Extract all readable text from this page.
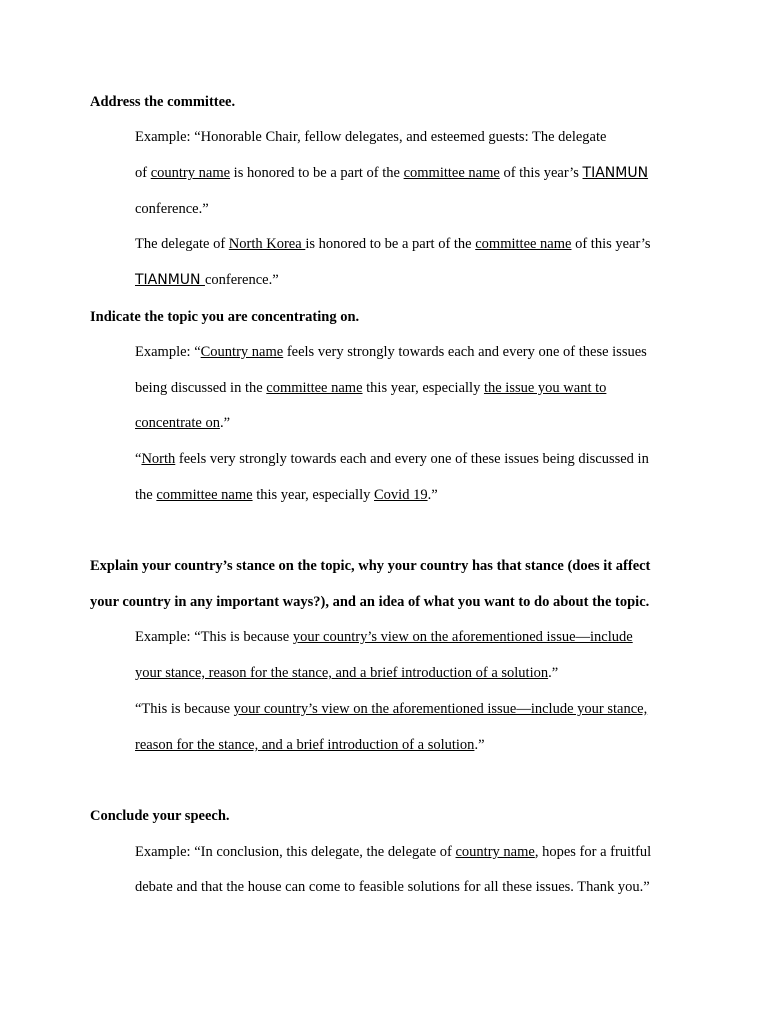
Address the committee.
Example: “Honorable Chair, fellow delegates, and esteemed guests: The delegate
of country name is honored to be a part of the committee name of this year’s TIANMUN
conference.”
The delegate of North Korea is honored to be a part of the committee name of this year’s
TIANMUN conference.”
Indicate the topic you are concentrating on.
Example: “Country name feels very strongly towards each and every one of these issues
being discussed in the committee name this year, especially the issue you want to
concentrate on.”
“North feels very strongly towards each and every one of these issues being discussed in
the committee name this year, especially Covid 19.”
Explain your country’s stance on the topic, why your country has that stance (does it affect
your country in any important ways?), and an idea of what you want to do about the topic.
Example: “This is because your country’s view on the aforementioned issue—include
your stance, reason for the stance, and a brief introduction of a solution.”
“This is because your country’s view on the aforementioned issue—include your stance,
reason for the stance, and a brief introduction of a solution.”
Conclude your speech.
Example: “In conclusion, this delegate, the delegate of country name, hopes for a fruitful
debate and that the house can come to feasible solutions for all these issues. Thank you.”
